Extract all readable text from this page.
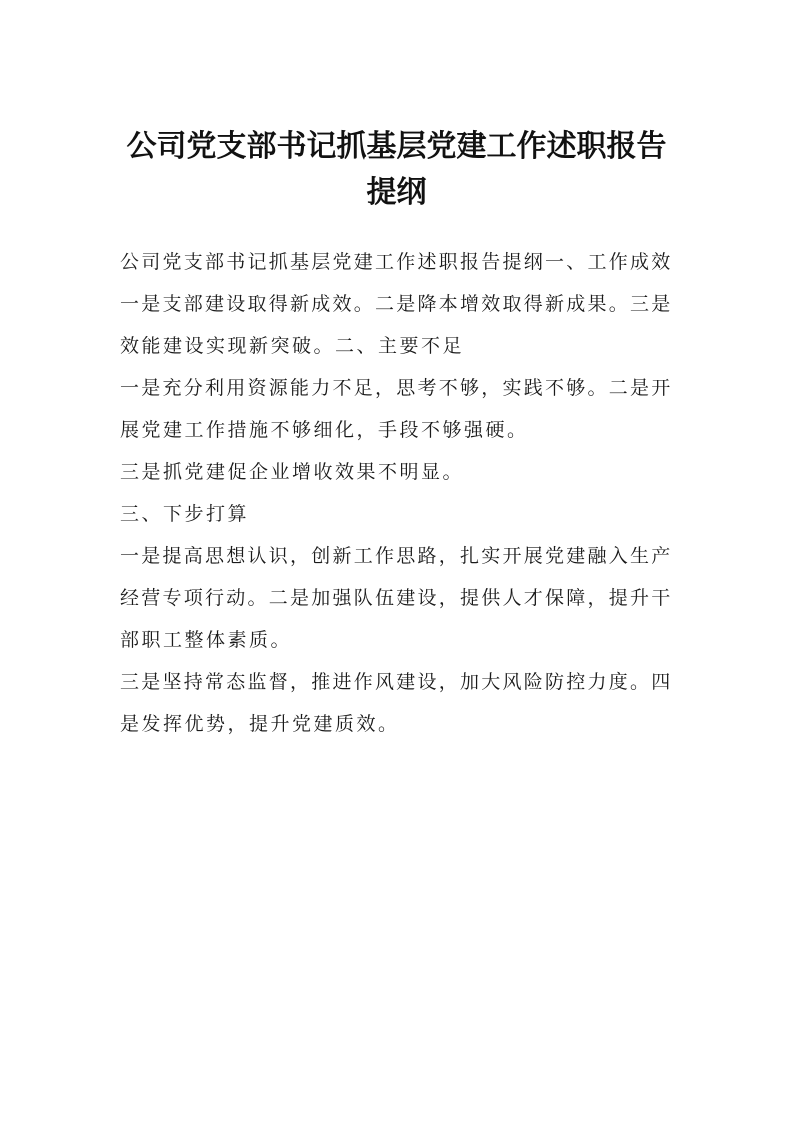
公司党支部书记抓基层党建工作述职报告
提纲

公司党支部书记抓基层党建工作述职报告提纲一、工作成效

一是支部建设取得新成效。二是降本增效取得新成果。三是

效能建设实现新突破。二、主要不足

一是充分利用资源能力不足，思考不够，实践不够。二是开

展党建工作措施不够细化，手段不够强硬。

三是抓党建促企业增收效果不明显。

三、下步打算

一是提高思想认识，创新工作思路，扎实开展党建融入生产

经营专项行动。二是加强队伍建设，提供人才保障，提升干

部职工整体素质。

三是坚持常态监督，推进作风建设，加大风险防控力度。四

是发挥优势，提升党建质效。
